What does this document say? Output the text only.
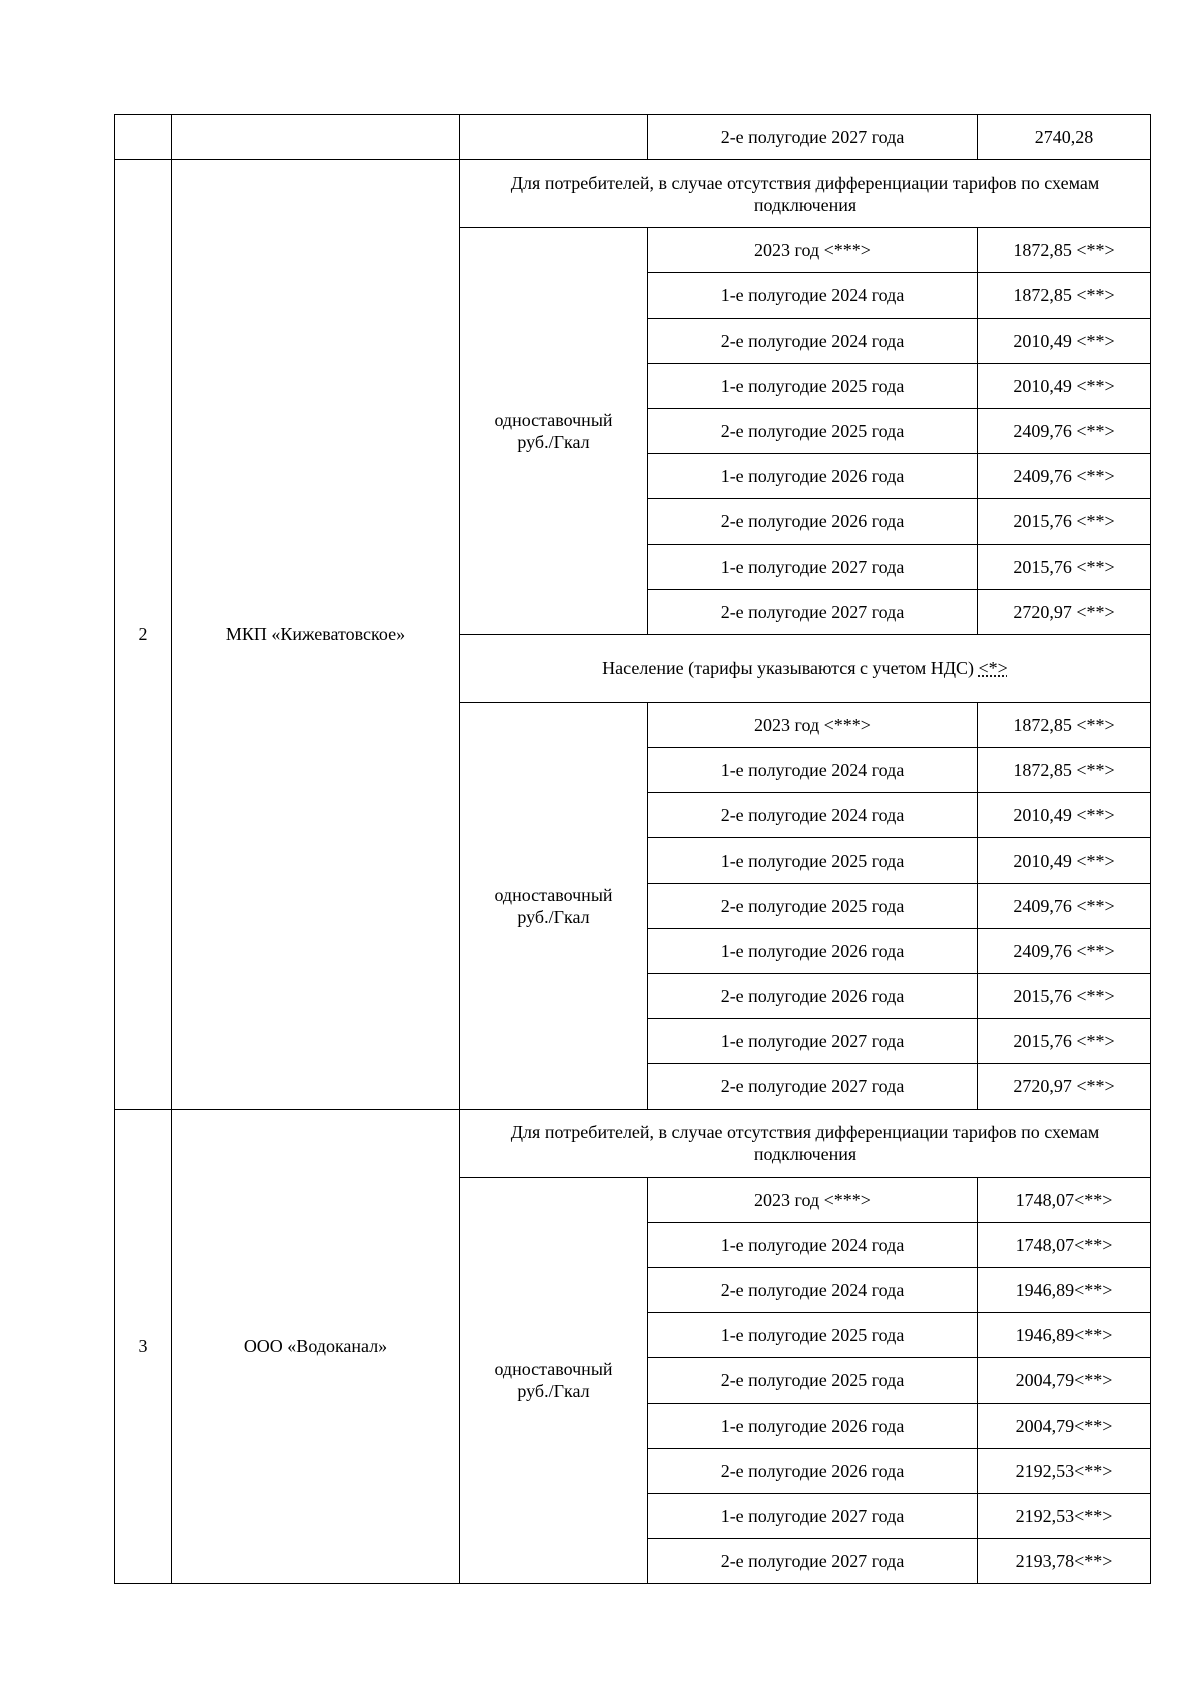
			2-е полугодие 2027 года	2740,28
2	МКП «Кижеватовское»	Для потребителей, в случае отсутствия дифференциации тарифов по схемам подключения		
		одноставочный руб./Гкал	2023 год <***>	1872,85 <**>
			1-е полугодие 2024 года	1872,85 <**>
			2-е полугодие 2024 года	2010,49 <**>
			1-е полугодие 2025 года	2010,49 <**>
			2-е полугодие 2025 года	2409,76 <**>
			1-е полугодие 2026 года	2409,76 <**>
			2-е полугодие 2026 года	2015,76 <**>
			1-е полугодие 2027 года	2015,76 <**>
			2-е полугодие 2027 года	2720,97 <**>
		Население (тарифы указываются с учетом НДС) <*>		
		одноставочный руб./Гкал	2023 год <***>	1872,85 <**>
			1-е полугодие 2024 года	1872,85 <**>
			2-е полугодие 2024 года	2010,49 <**>
			1-е полугодие 2025 года	2010,49 <**>
			2-е полугодие 2025 года	2409,76 <**>
			1-е полугодие 2026 года	2409,76 <**>
			2-е полугодие 2026 года	2015,76 <**>
			1-е полугодие 2027 года	2015,76 <**>
			2-е полугодие 2027 года	2720,97 <**>
3	ООО «Водоканал»	Для потребителей, в случае отсутствия дифференциации тарифов по схемам подключения		
		одноставочный руб./Гкал	2023 год <***>	1748,07<**>
			1-е полугодие 2024 года	1748,07<**>
			2-е полугодие 2024 года	1946,89<**>
			1-е полугодие 2025 года	1946,89<**>
			2-е полугодие 2025 года	2004,79<**>
			1-е полугодие 2026 года	2004,79<**>
			2-е полугодие 2026 года	2192,53<**>
			1-е полугодие 2027 года	2192,53<**>
			2-е полугодие 2027 года	2193,78<**>
